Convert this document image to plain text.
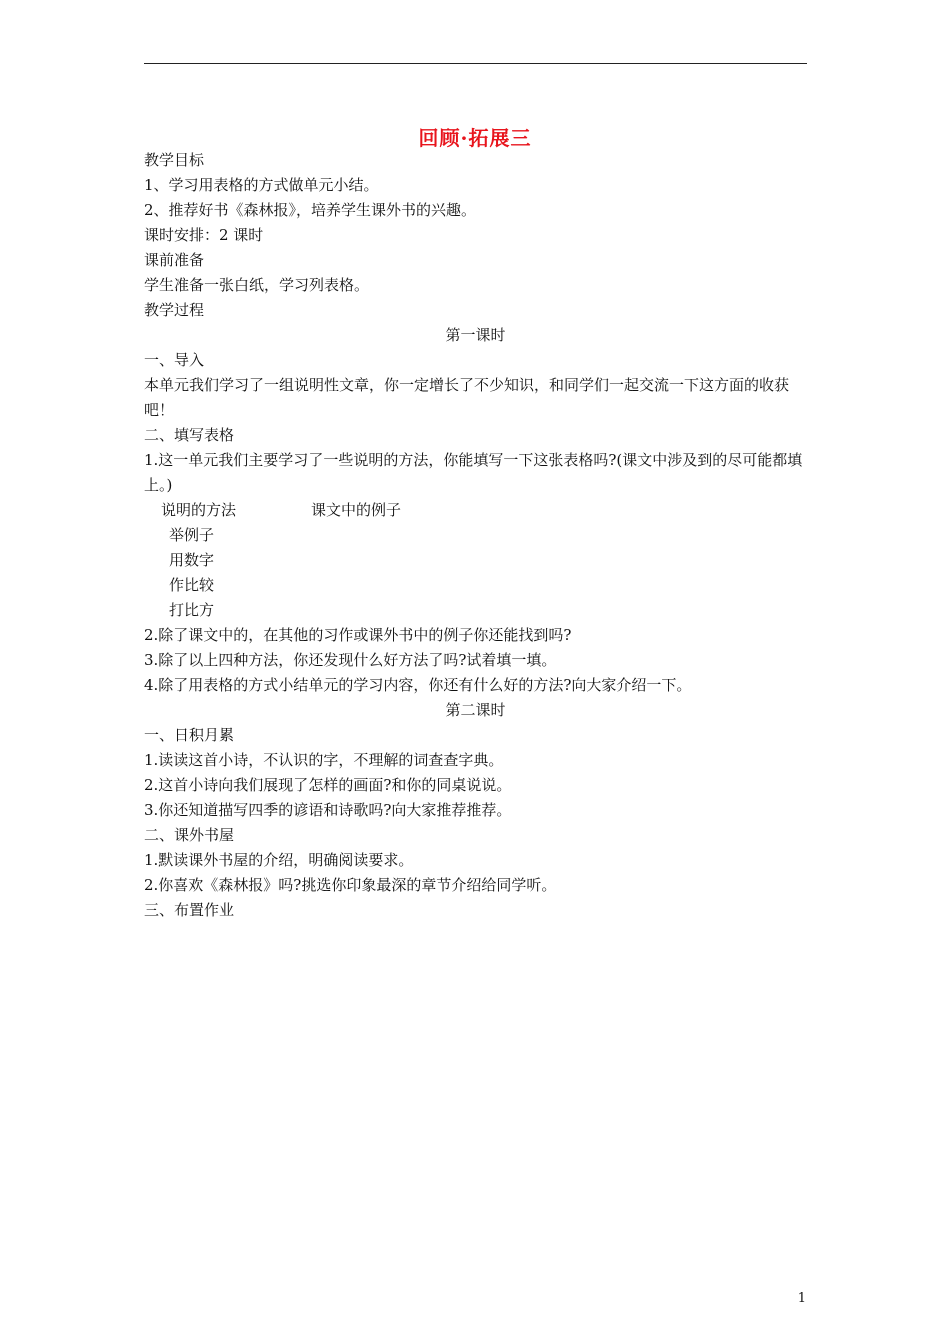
回顾·拓展三
教学目标
1、学习用表格的方式做单元小结。
2、推荐好书《森林报》，培养学生课外书的兴趣。
课时安排：2 课时
课前准备
学生准备一张白纸，学习列表格。
教学过程
第一课时
一、导入
本单元我们学习了一组说明性文章，你一定增长了不少知识，和同学们一起交流一下这方面的收获吧！
二、填写表格
1.这一单元我们主要学习了一些说明的方法，你能填写一下这张表格吗?(课文中涉及到的尽可能都填上。)
说明的方法	课文中的例子
举例子
用数字
作比较
打比方
2.除了课文中的，在其他的习作或课外书中的例子你还能找到吗?
3.除了以上四种方法，你还发现什么好方法了吗?试着填一填。
4.除了用表格的方式小结单元的学习内容，你还有什么好的方法?向大家介绍一下。
第二课时
一、日积月累
1.读读这首小诗，不认识的字，不理解的词查查字典。
2.这首小诗向我们展现了怎样的画面?和你的同桌说说。
3.你还知道描写四季的谚语和诗歌吗?向大家推荐推荐。
二、课外书屋
1.默读课外书屋的介绍，明确阅读要求。
2.你喜欢《森林报》吗?挑选你印象最深的章节介绍给同学听。
三、布置作业
1
